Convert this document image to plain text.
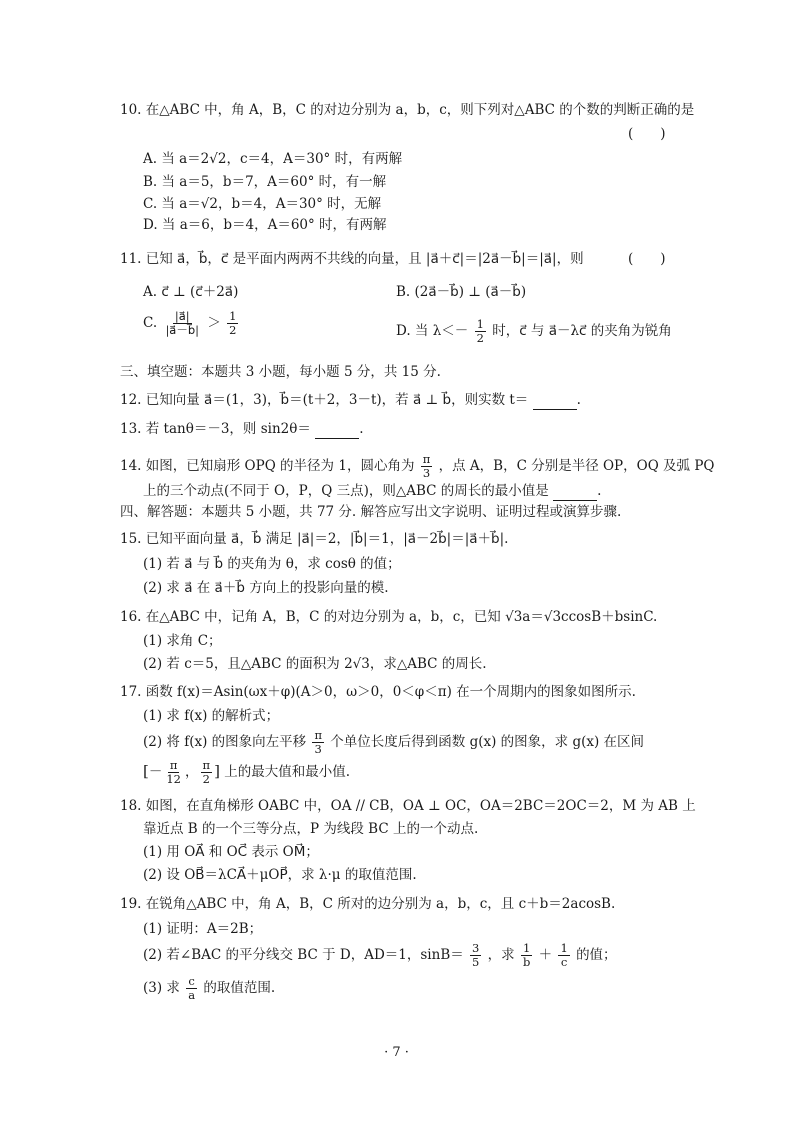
10. 在△ABC 中，角 A，B，C 的对边分别为 a，b，c，则下列对△ABC 的个数的判断正确的是
(　　)
A. 当 a＝2√2，c＝4，A＝30° 时，有两解
B. 当 a＝5，b＝7，A＝60° 时，有一解
C. 当 a＝√2，b＝4，A＝30° 时，无解
D. 当 a＝6，b＝4，A＝60° 时，有两解
11. 已知 a⃗，b⃗，c⃗ 是平面内两两不共线的向量，且 |a⃗＋c⃗|＝|2a⃗－b⃗|＝|a⃗|，则	(　　)
A. c⃗ ⊥ (c⃗＋2a⃗)	B. (2a⃗－b⃗) ⊥ (a⃗－b⃗)
C. $\frac{|a⃗|}{|a⃗-b⃗|} > \frac{1}{2}$	D. 当 $\lambda<- \frac{1}{2}$ 时，c⃗ 与 a⃗－λc⃗ 的夹角为锐角
三、填空题：本题共 3 小题，每小题 5 分，共 15 分.
12. 已知向量 a⃗＝(1，3)，b⃗＝(t＋2，3－t)，若 a⃗ ⊥ b⃗，则实数 t＝	.
13. 若 tanθ＝－3，则 sin2θ＝	.
14. 如图，已知扇形 OPQ 的半径为 1，圆心角为 $\frac{\pi}{3}$ ，点 A，B，C 分别是半径 OP，OQ 及弧 PQ
上的三个动点(不同于 O，P，Q 三点)，则△ABC 的周长的最小值是	.
四、解答题：本题共 5 小题，共 77 分. 解答应写出文字说明、证明过程或演算步骤.
15. 已知平面向量 a⃗，b⃗ 满足 |a⃗|＝2，|b⃗|＝1，|a⃗－2b⃗|＝|a⃗＋b⃗|.
(1) 若 a⃗ 与 b⃗ 的夹角为 θ，求 cosθ 的值；
(2) 求 a⃗ 在 a⃗＋b⃗ 方向上的投影向量的模.
16. 在△ABC 中，记角 A，B，C 的对边分别为 a，b，c，已知 √3a＝√3ccosB＋bsinC.
(1) 求角 C；
(2) 若 c＝5，且△ABC 的面积为 2√3，求△ABC 的周长.
17. 函数 f(x)＝Asin(ωx＋φ)(A＞0，ω＞0，0＜φ＜π) 在一个周期内的图象如图所示.
(1) 求 f(x) 的解析式；
(2) 将 f(x) 的图象向左平移 $\frac{\pi}{3}$ 个单位长度后得到函数 g(x) 的图象，求 g(x) 在区间
[－ $\frac{\pi}{12}$ ， $\frac{\pi}{2}$ ] 上的最大值和最小值.
18. 如图，在直角梯形 OABC 中，OA // CB，OA ⊥ OC，OA＝2BC＝2OC＝2，M 为 AB 上
靠近点 B 的一个三等分点，P 为线段 BC 上的一个动点.
(1) 用 OA⃗ 和 OC⃗ 表示 OM⃗；
(2) 设 OB⃗＝λCA⃗＋μOP⃗，求 λ·μ 的取值范围.
19. 在锐角△ABC 中，角 A，B，C 所对的边分别为 a，b，c，且 c＋b＝2acosB.
(1) 证明：A＝2B；
(2) 若∠BAC 的平分线交 BC 于 D，AD＝1，$\sin B= \frac{3}{5}$ ，求 $\frac{1}{b} + \frac{1}{c}$ 的值；
(3) 求 $\frac{c}{a}$ 的取值范围.
· 7 ·
